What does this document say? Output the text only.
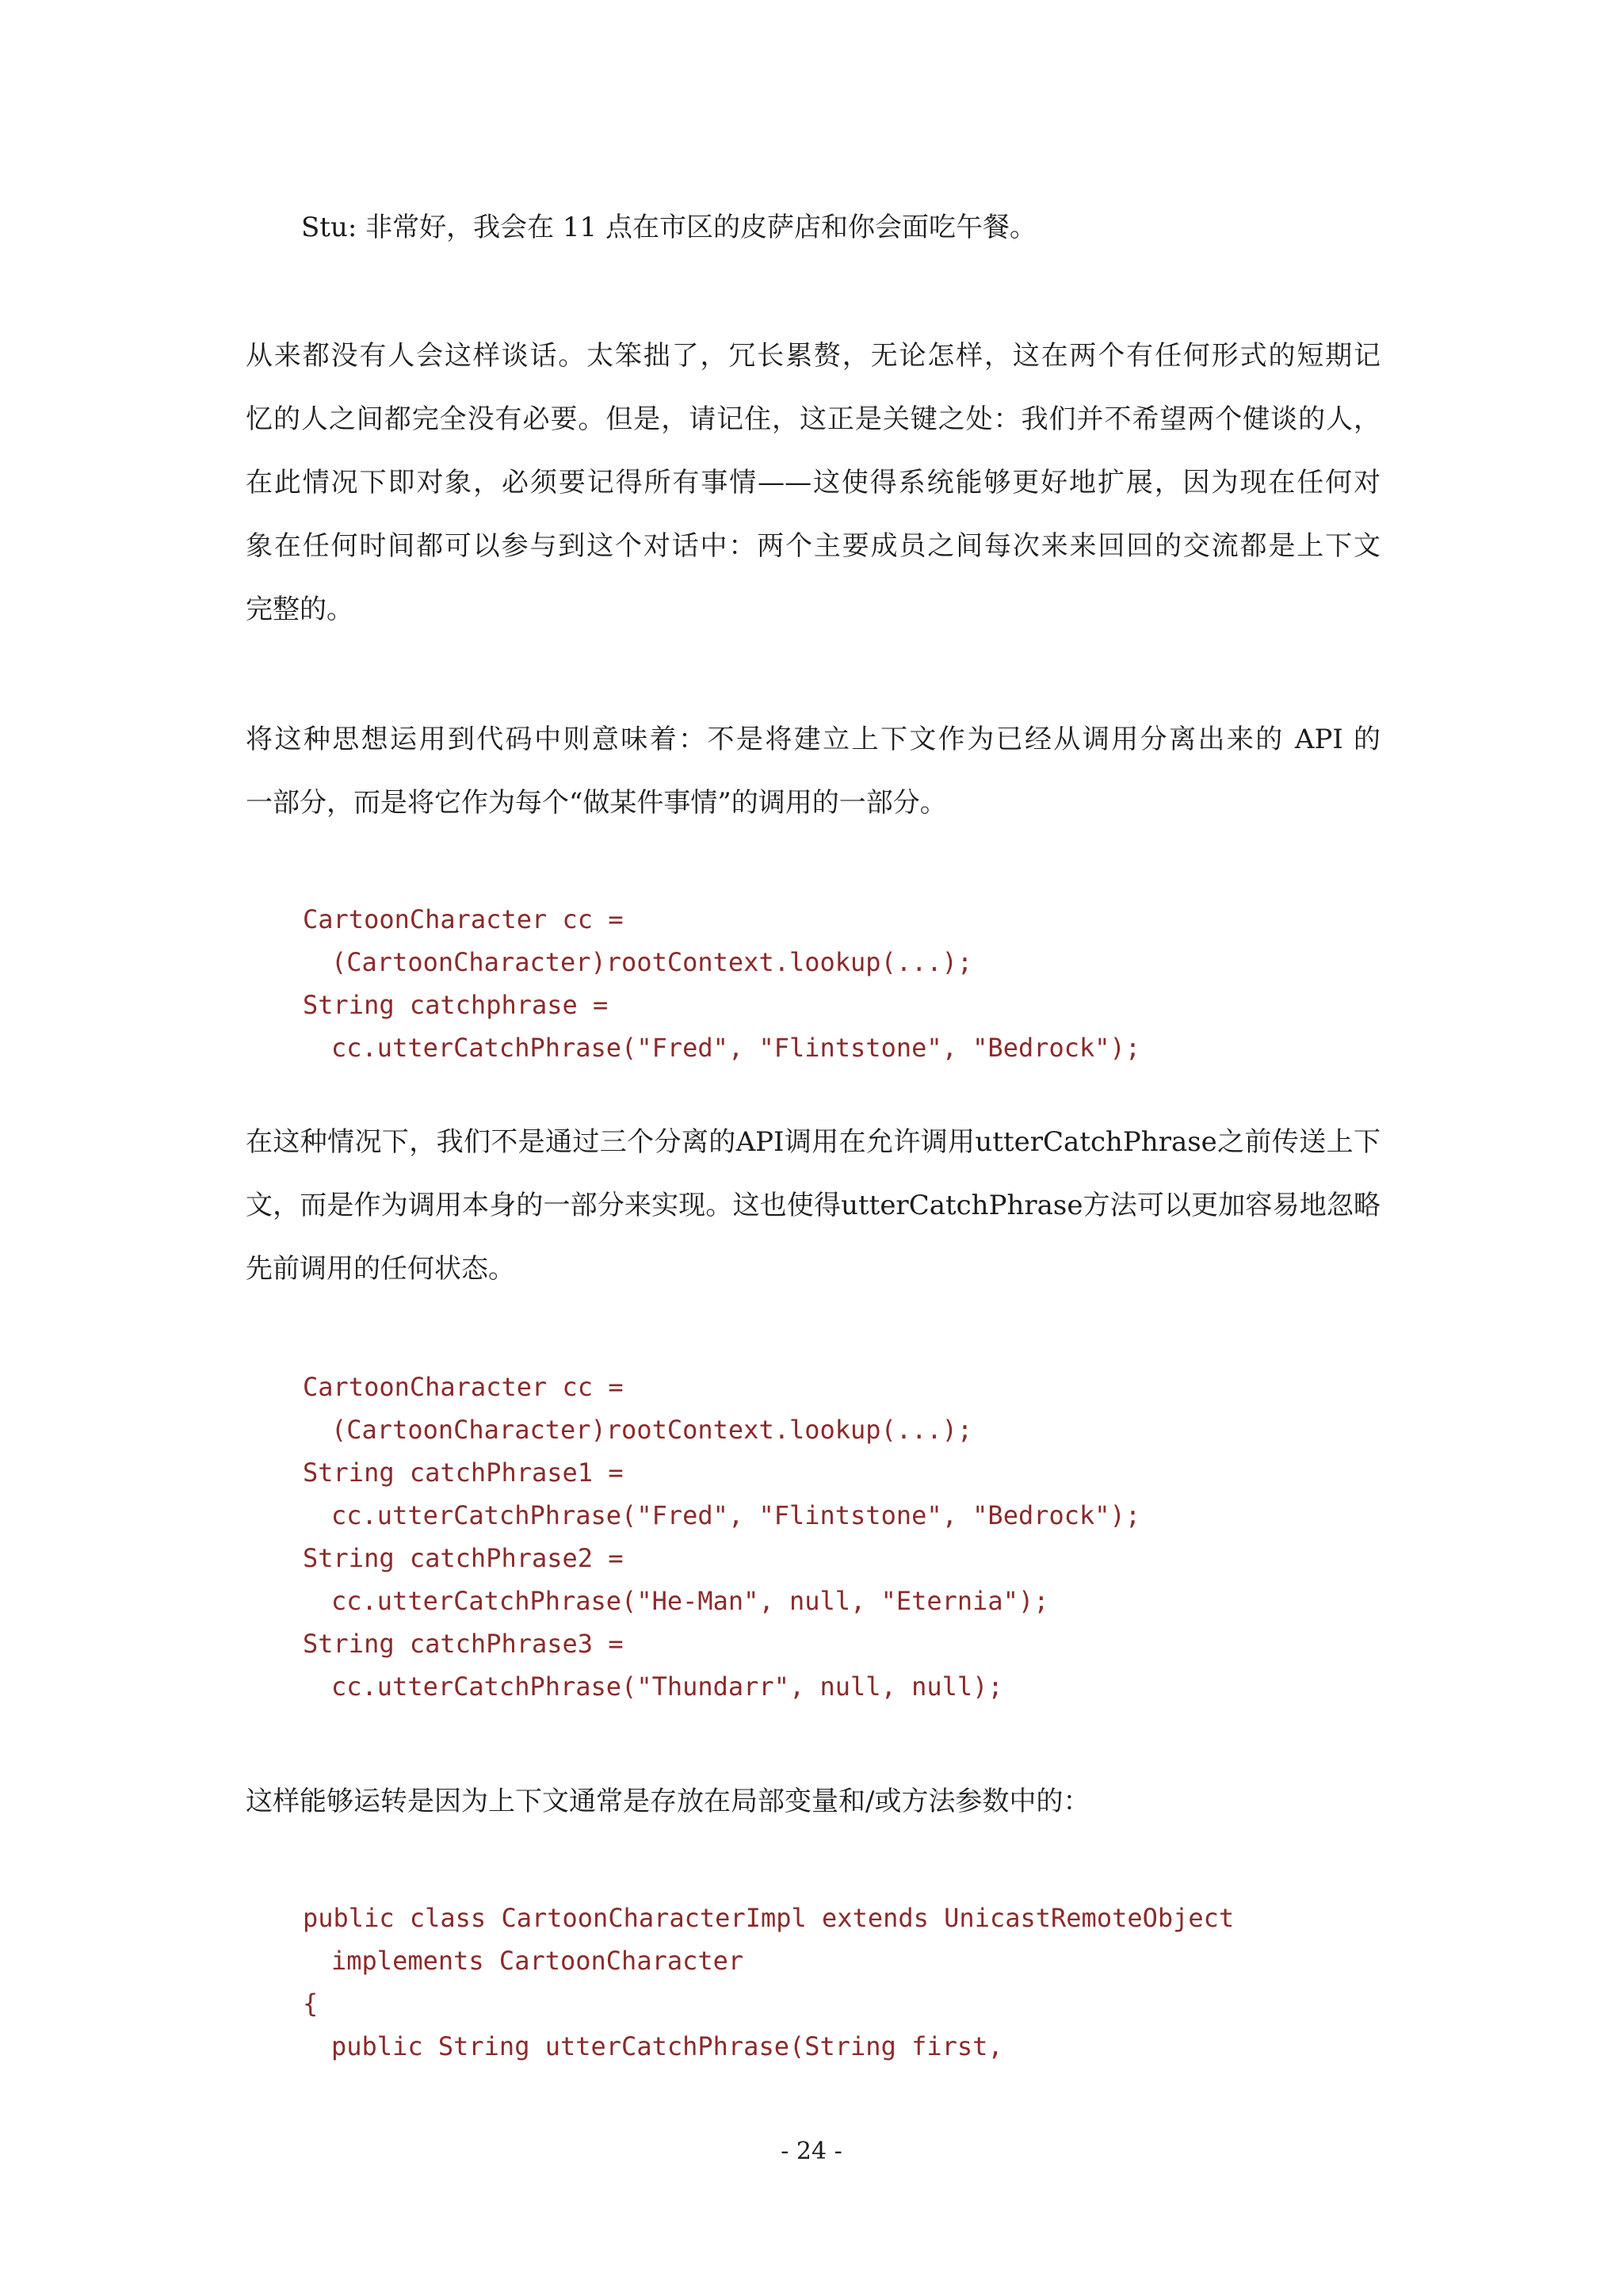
Stu: 非常好，我会在 11 点在市区的皮萨店和你会面吃午餐。
从来都没有人会这样谈话。太笨拙了，冗长累赘，无论怎样，这在两个有任何形式的短期记
忆的人之间都完全没有必要。但是，请记住，这正是关键之处：我们并不希望两个健谈的人，
在此情况下即对象，必须要记得所有事情——这使得系统能够更好地扩展，因为现在任何对
象在任何时间都可以参与到这个对话中：两个主要成员之间每次来来回回的交流都是上下文
完整的。
将这种思想运用到代码中则意味着：不是将建立上下文作为已经从调用分离出来的 API 的
一部分，而是将它作为每个“做某件事情”的调用的一部分。
CartoonCharacter cc =
(CartoonCharacter)rootContext.lookup(...);
String catchphrase =
cc.utterCatchPhrase("Fred", "Flintstone", "Bedrock");
在这种情况下，我们不是通过三个分离的API调用在允许调用utterCatchPhrase之前传送上下
文，而是作为调用本身的一部分来实现。这也使得utterCatchPhrase方法可以更加容易地忽略
先前调用的任何状态。
CartoonCharacter cc =
(CartoonCharacter)rootContext.lookup(...);
String catchPhrase1 =
cc.utterCatchPhrase("Fred", "Flintstone", "Bedrock");
String catchPhrase2 =
cc.utterCatchPhrase("He-Man", null, "Eternia");
String catchPhrase3 =
cc.utterCatchPhrase("Thundarr", null, null);
这样能够运转是因为上下文通常是存放在局部变量和/或方法参数中的：
public class CartoonCharacterImpl extends UnicastRemoteObject
implements CartoonCharacter
{
public String utterCatchPhrase(String first,
- 24 -
